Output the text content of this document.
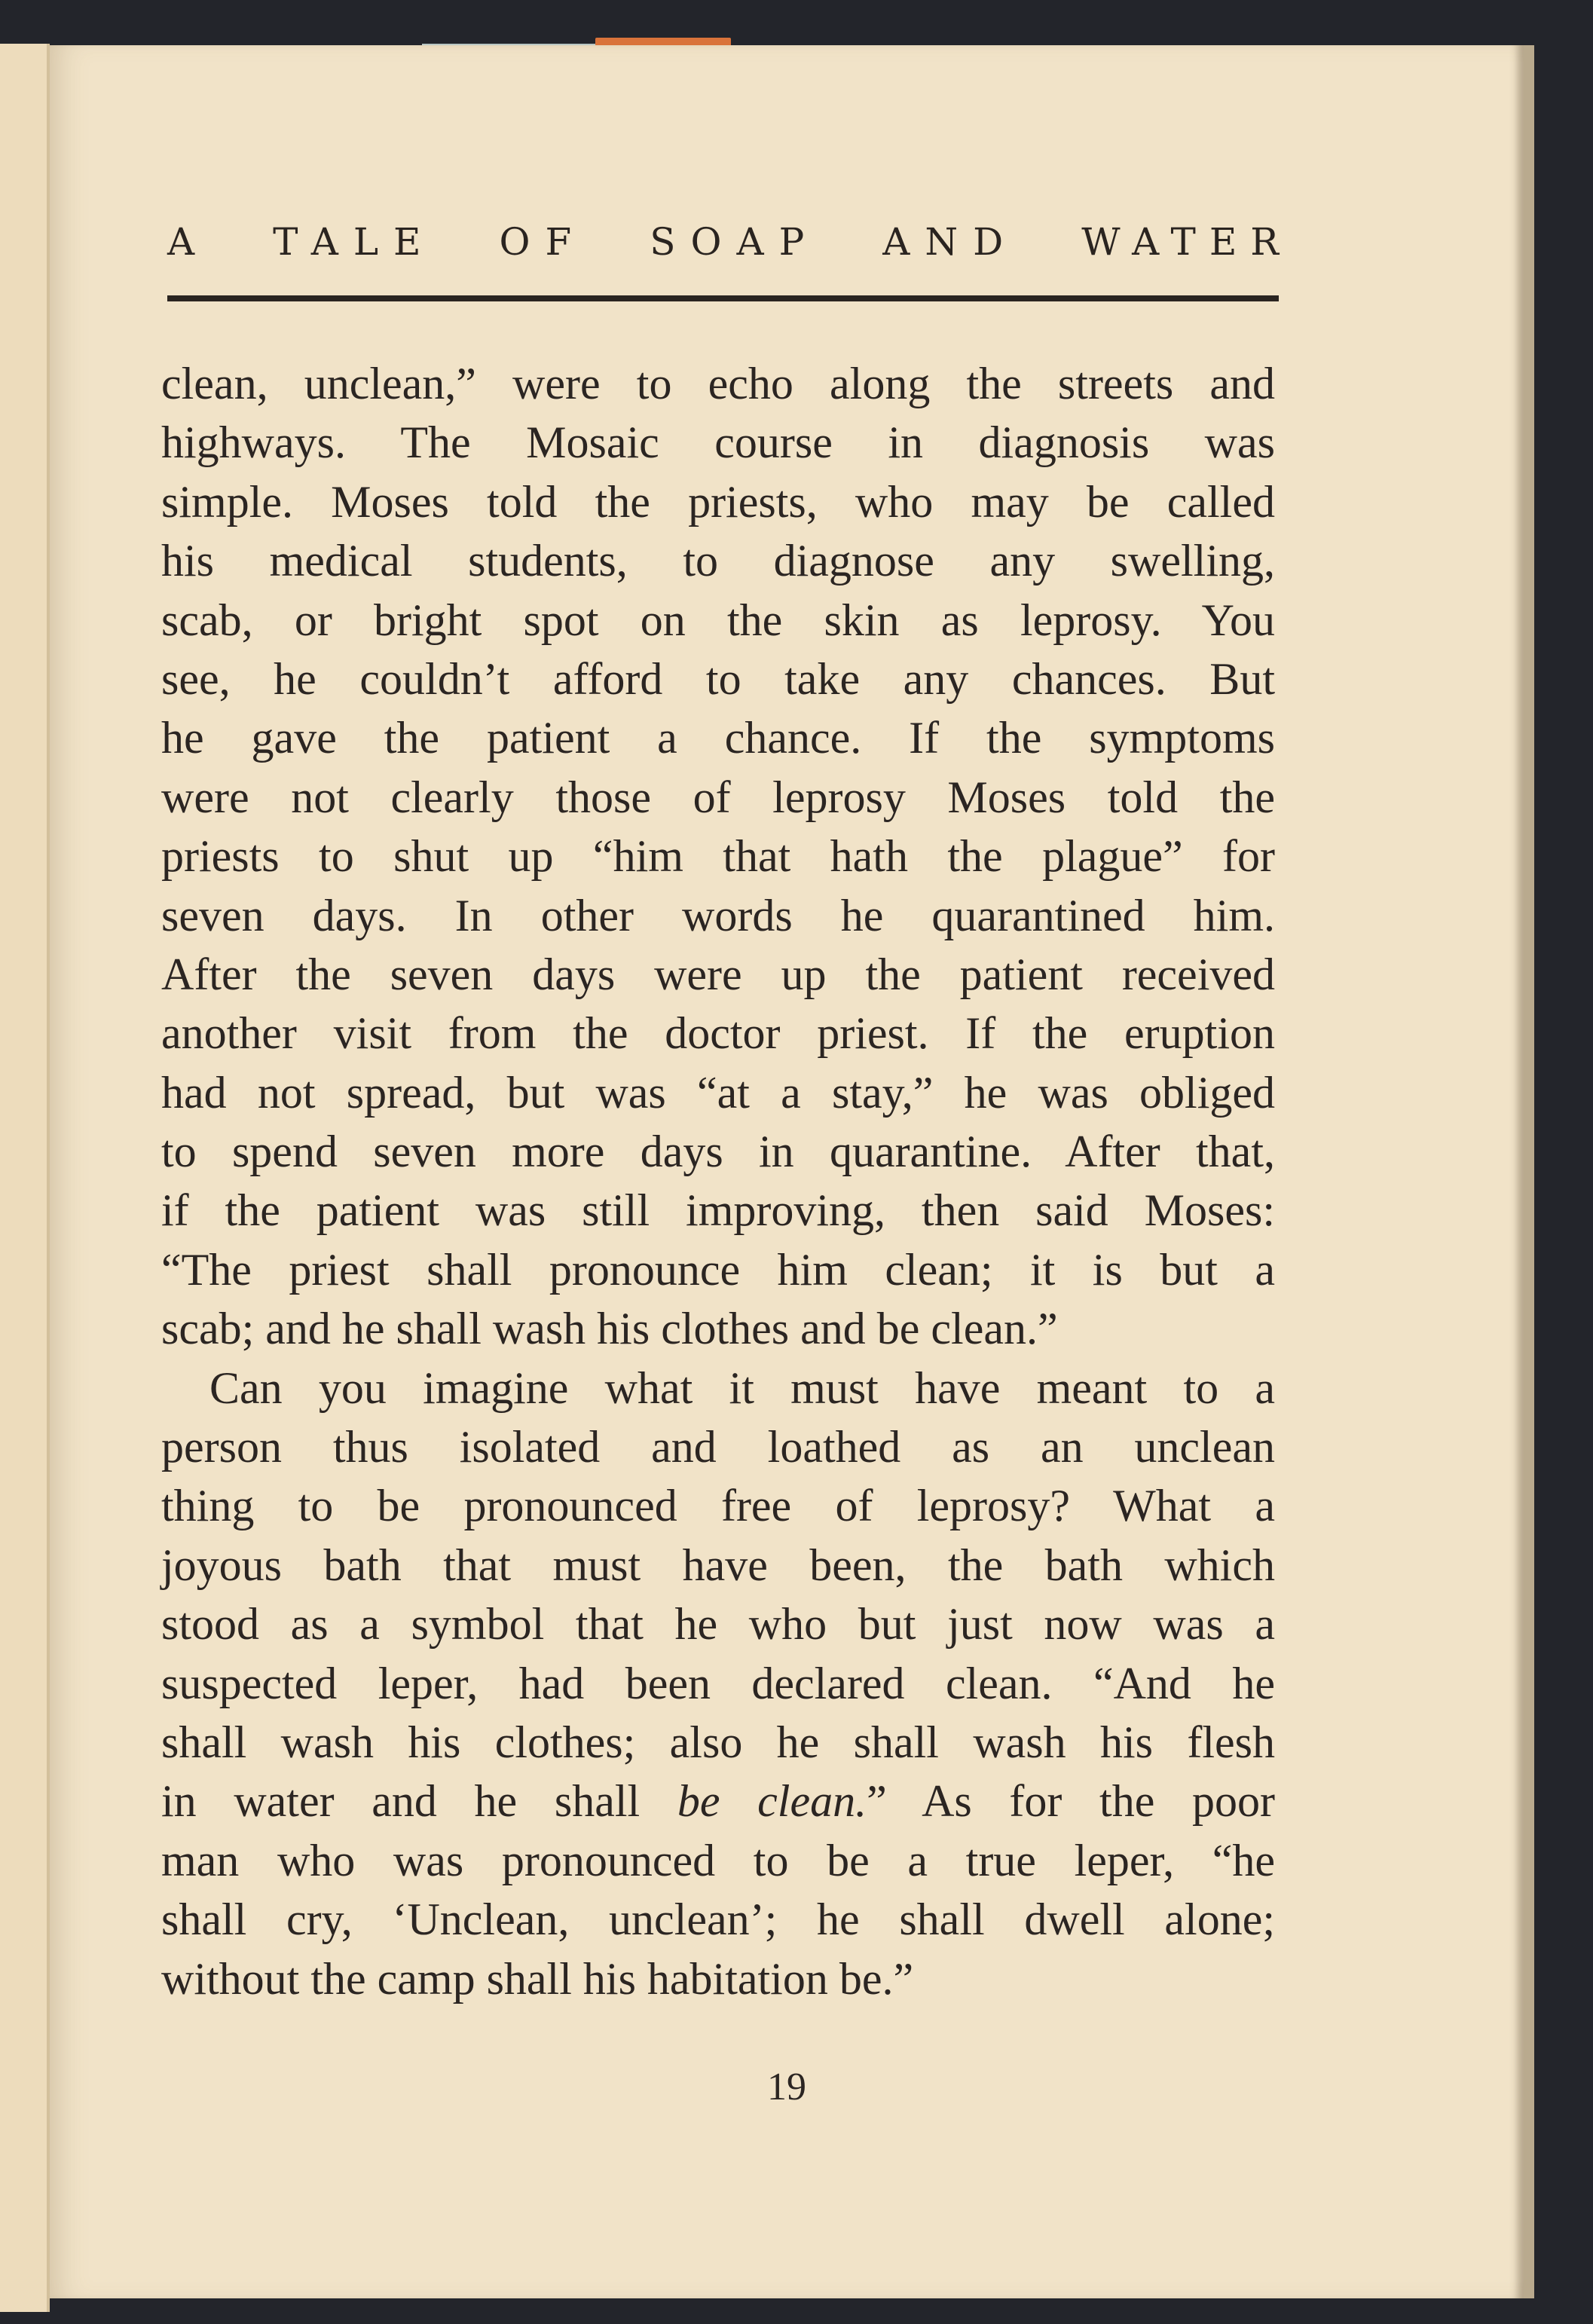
19
A TALE OF SOAP AND WATER
clean, unclean,” were to echo along the streets and
highways. The Mosaic course in diagnosis was
simple. Moses told the priests, who may be called
his medical students, to diagnose any swelling,
scab, or bright spot on the skin as leprosy. You
see, he couldn’t afford to take any chances. But
he gave the patient a chance. If the symptoms
were not clearly those of leprosy Moses told the
priests to shut up “him that hath the plague” for
seven days. In other words he quarantined him.
After the seven days were up the patient received
another visit from the doctor priest. If the eruption
had not spread, but was “at a stay,” he was obliged
to spend seven more days in quarantine. After that,
if the patient was still improving, then said Moses:
“The priest shall pronounce him clean; it is but a
scab; and he shall wash his clothes and be clean.”
Can you imagine what it must have meant to a
person thus isolated and loathed as an unclean
thing to be pronounced free of leprosy? What a
joyous bath that must have been, the bath which
stood as a symbol that he who but just now was a
suspected leper, had been declared clean. “And he
shall wash his clothes; also he shall wash his flesh
in water and he shall be clean.” As for the poor
man who was pronounced to be a true leper, “he
shall cry, ‘Unclean, unclean’; he shall dwell alone;
without the camp shall his habitation be.”
